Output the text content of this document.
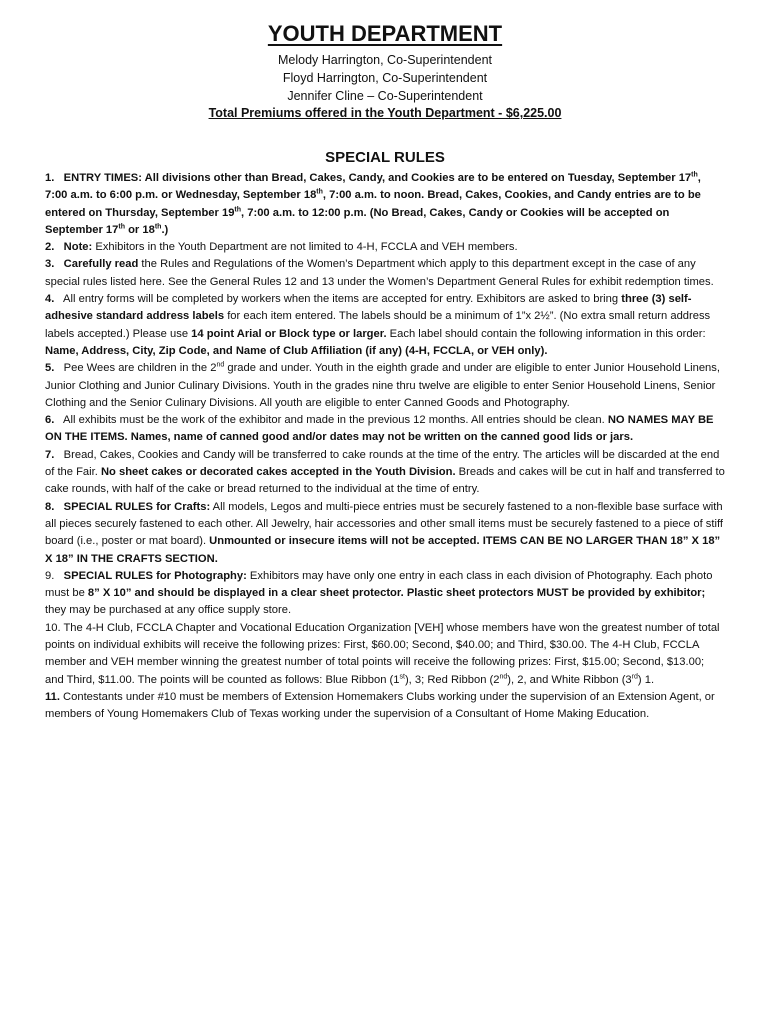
YOUTH DEPARTMENT
Melody Harrington, Co-Superintendent
Floyd Harrington, Co-Superintendent
Jennifer Cline – Co-Superintendent
Total Premiums offered in the Youth Department - $6,225.00
SPECIAL RULES

1. ENTRY TIMES: All divisions other than Bread, Cakes, Candy, and Cookies are to be entered on Tuesday, September 17th, 7:00 a.m. to 6:00 p.m. or Wednesday, September 18th, 7:00 a.m. to noon. Bread, Cakes, Cookies, and Candy entries are to be entered on Thursday, September 19th, 7:00 a.m. to 12:00 p.m. (No Bread, Cakes, Candy or Cookies will be accepted on September 17th or 18th.)

2. Note: Exhibitors in the Youth Department are not limited to 4-H, FCCLA and VEH members.

3. Carefully read the Rules and Regulations of the Women’s Department which apply to this department except in the case of any special rules listed here. See the General Rules 12 and 13 under the Women’s Department General Rules for exhibit redemption times.

4.   All entry forms will be completed by workers when the items are accepted for entry. Exhibitors are asked to bring three (3) self-adhesive standard address labels for each item entered. The labels should be a minimum of 1”x 2½”. (No extra small return address labels accepted.) Please use 14 point Arial or Block type or larger. Each label should contain the following information in this order: Name, Address, City, Zip Code, and Name of Club Affiliation (if any) (4-H, FCCLA, or VEH only).

5.   Pee Wees are children in the 2nd grade and under. Youth in the eighth grade and under are eligible to enter Junior Household Linens, Junior Clothing and Junior Culinary Divisions. Youth in the grades nine thru twelve are eligible to enter Senior Household Linens, Senior Clothing and the Senior Culinary Divisions. All youth are eligible to enter Canned Goods and Photography.

6.   All exhibits must be the work of the exhibitor and made in the previous 12 months. All entries should be clean. NO NAMES MAY BE ON THE ITEMS. Names, name of canned good and/or dates may not be written on the canned good lids or jars.

7.   Bread, Cakes, Cookies and Candy will be transferred to cake rounds at the time of the entry. The articles will be discarded at the end of the Fair. No sheet cakes or decorated cakes accepted in the Youth Division. Breads and cakes will be cut in half and transferred to cake rounds, with half of the cake or bread returned to the individual at the time of entry.

8. SPECIAL RULES for Crafts: All models, Legos and multi-piece entries must be securely fastened to a non-flexible base surface with all pieces securely fastened to each other. All Jewelry, hair accessories and other small items must be securely fastened to a piece of stiff board (i.e., poster or mat board). Unmounted or insecure items will not be accepted. ITEMS CAN BE NO LARGER THAN 18” X 18” X 18” IN THE CRAFTS SECTION.

9. SPECIAL RULES for Photography: Exhibitors may have only one entry in each class in each division of Photography. Each photo must be 8” X 10” and should be displayed in a clear sheet protector. Plastic sheet protectors MUST be provided by exhibitor; they may be purchased at any office supply store.

10. The 4-H Club, FCCLA Chapter and Vocational Education Organization [VEH] whose members have won the greatest number of total points on individual exhibits will receive the following prizes: First, $60.00; Second, $40.00; and Third, $30.00. The 4-H Club, FCCLA member and VEH member winning the greatest number of total points will receive the following prizes: First, $15.00; Second, $13.00; and Third, $11.00. The points will be counted as follows: Blue Ribbon (1st), 3; Red Ribbon (2nd), 2, and White Ribbon (3rd) 1.

11. Contestants under #10 must be members of Extension Homemakers Clubs working under the supervision of an Extension Agent, or members of Young Homemakers Club of Texas working under the supervision of a Consultant of Home Making Education.
